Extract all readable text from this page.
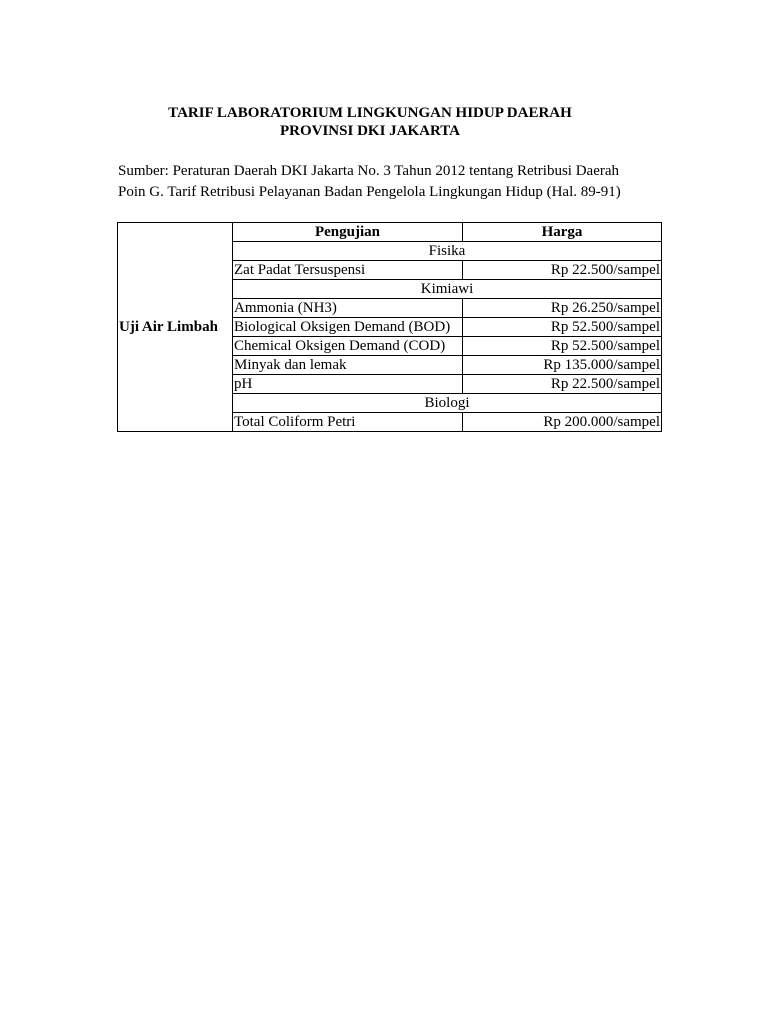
TARIF LABORATORIUM LINGKUNGAN HIDUP DAERAH

PROVINSI DKI JAKARTA

Sumber: Peraturan Daerah DKI Jakarta No. 3 Tahun 2012 tentang Retribusi Daerah
Poin G. Tarif Retribusi Pelayanan Badan Pengelola Lingkungan Hidup (Hal. 89-91)
Uji Air Limbah	Pengujian	Harga
	Fisika	
	Zat Padat Tersuspensi	Rp 22.500/sampel
	Kimiawi	
	Ammonia (NH3)	Rp 26.250/sampel
	Biological Oksigen Demand (BOD)	Rp 52.500/sampel
	Chemical Oksigen Demand (COD)	Rp 52.500/sampel
	Minyak dan lemak	Rp 135.000/sampel
	pH	Rp 22.500/sampel
	Biologi	
	Total Coliform Petri	Rp 200.000/sampel
